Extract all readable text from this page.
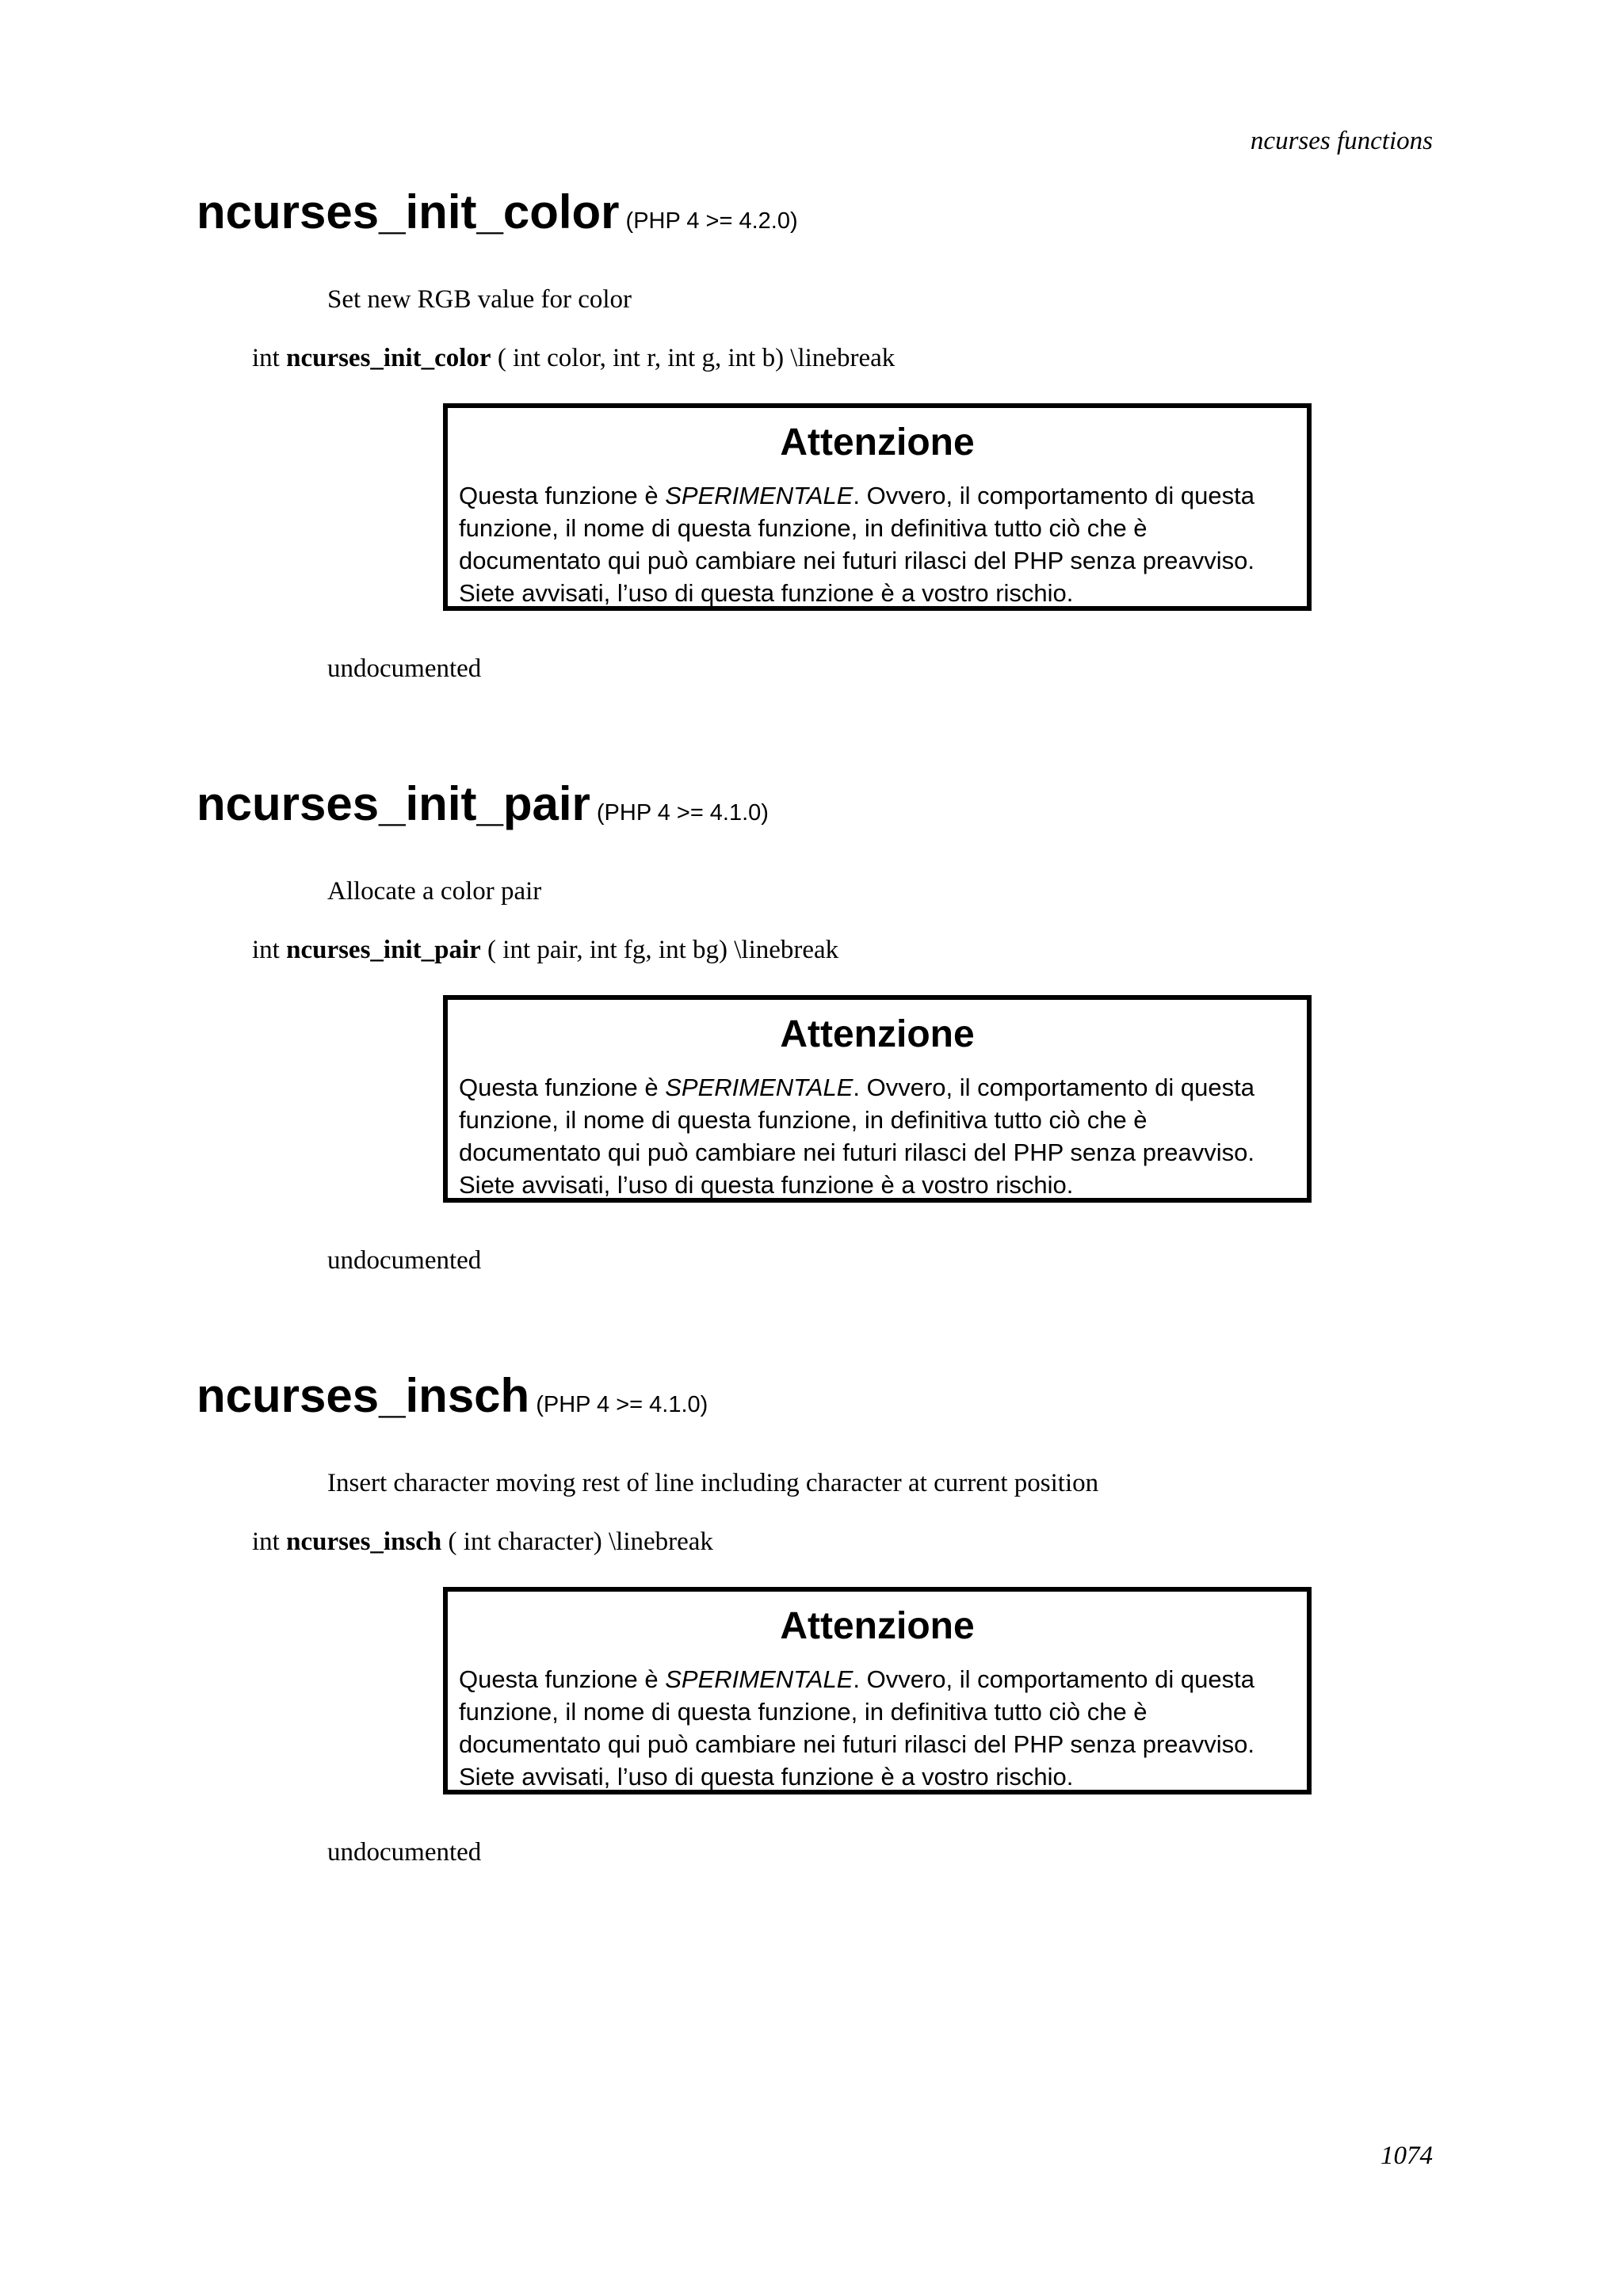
ncurses functions
ncurses_init_color (PHP 4 >= 4.2.0)
Set new RGB value for color
int ncurses_init_color ( int color, int r, int g, int b) \linebreak
Attenzione
Questa funzione è SPERIMENTALE. Ovvero, il comportamento di questa funzione, il nome di questa funzione, in definitiva tutto ciò che è documentato qui può cambiare nei futuri rilasci del PHP senza preavviso. Siete avvisati, l’uso di questa funzione è a vostro rischio.
undocumented
ncurses_init_pair (PHP 4 >= 4.1.0)
Allocate a color pair
int ncurses_init_pair ( int pair, int fg, int bg) \linebreak
Attenzione
Questa funzione è SPERIMENTALE. Ovvero, il comportamento di questa funzione, il nome di questa funzione, in definitiva tutto ciò che è documentato qui può cambiare nei futuri rilasci del PHP senza preavviso. Siete avvisati, l’uso di questa funzione è a vostro rischio.
undocumented
ncurses_insch (PHP 4 >= 4.1.0)
Insert character moving rest of line including character at current position
int ncurses_insch ( int character) \linebreak
Attenzione
Questa funzione è SPERIMENTALE. Ovvero, il comportamento di questa funzione, il nome di questa funzione, in definitiva tutto ciò che è documentato qui può cambiare nei futuri rilasci del PHP senza preavviso. Siete avvisati, l’uso di questa funzione è a vostro rischio.
undocumented
1074
